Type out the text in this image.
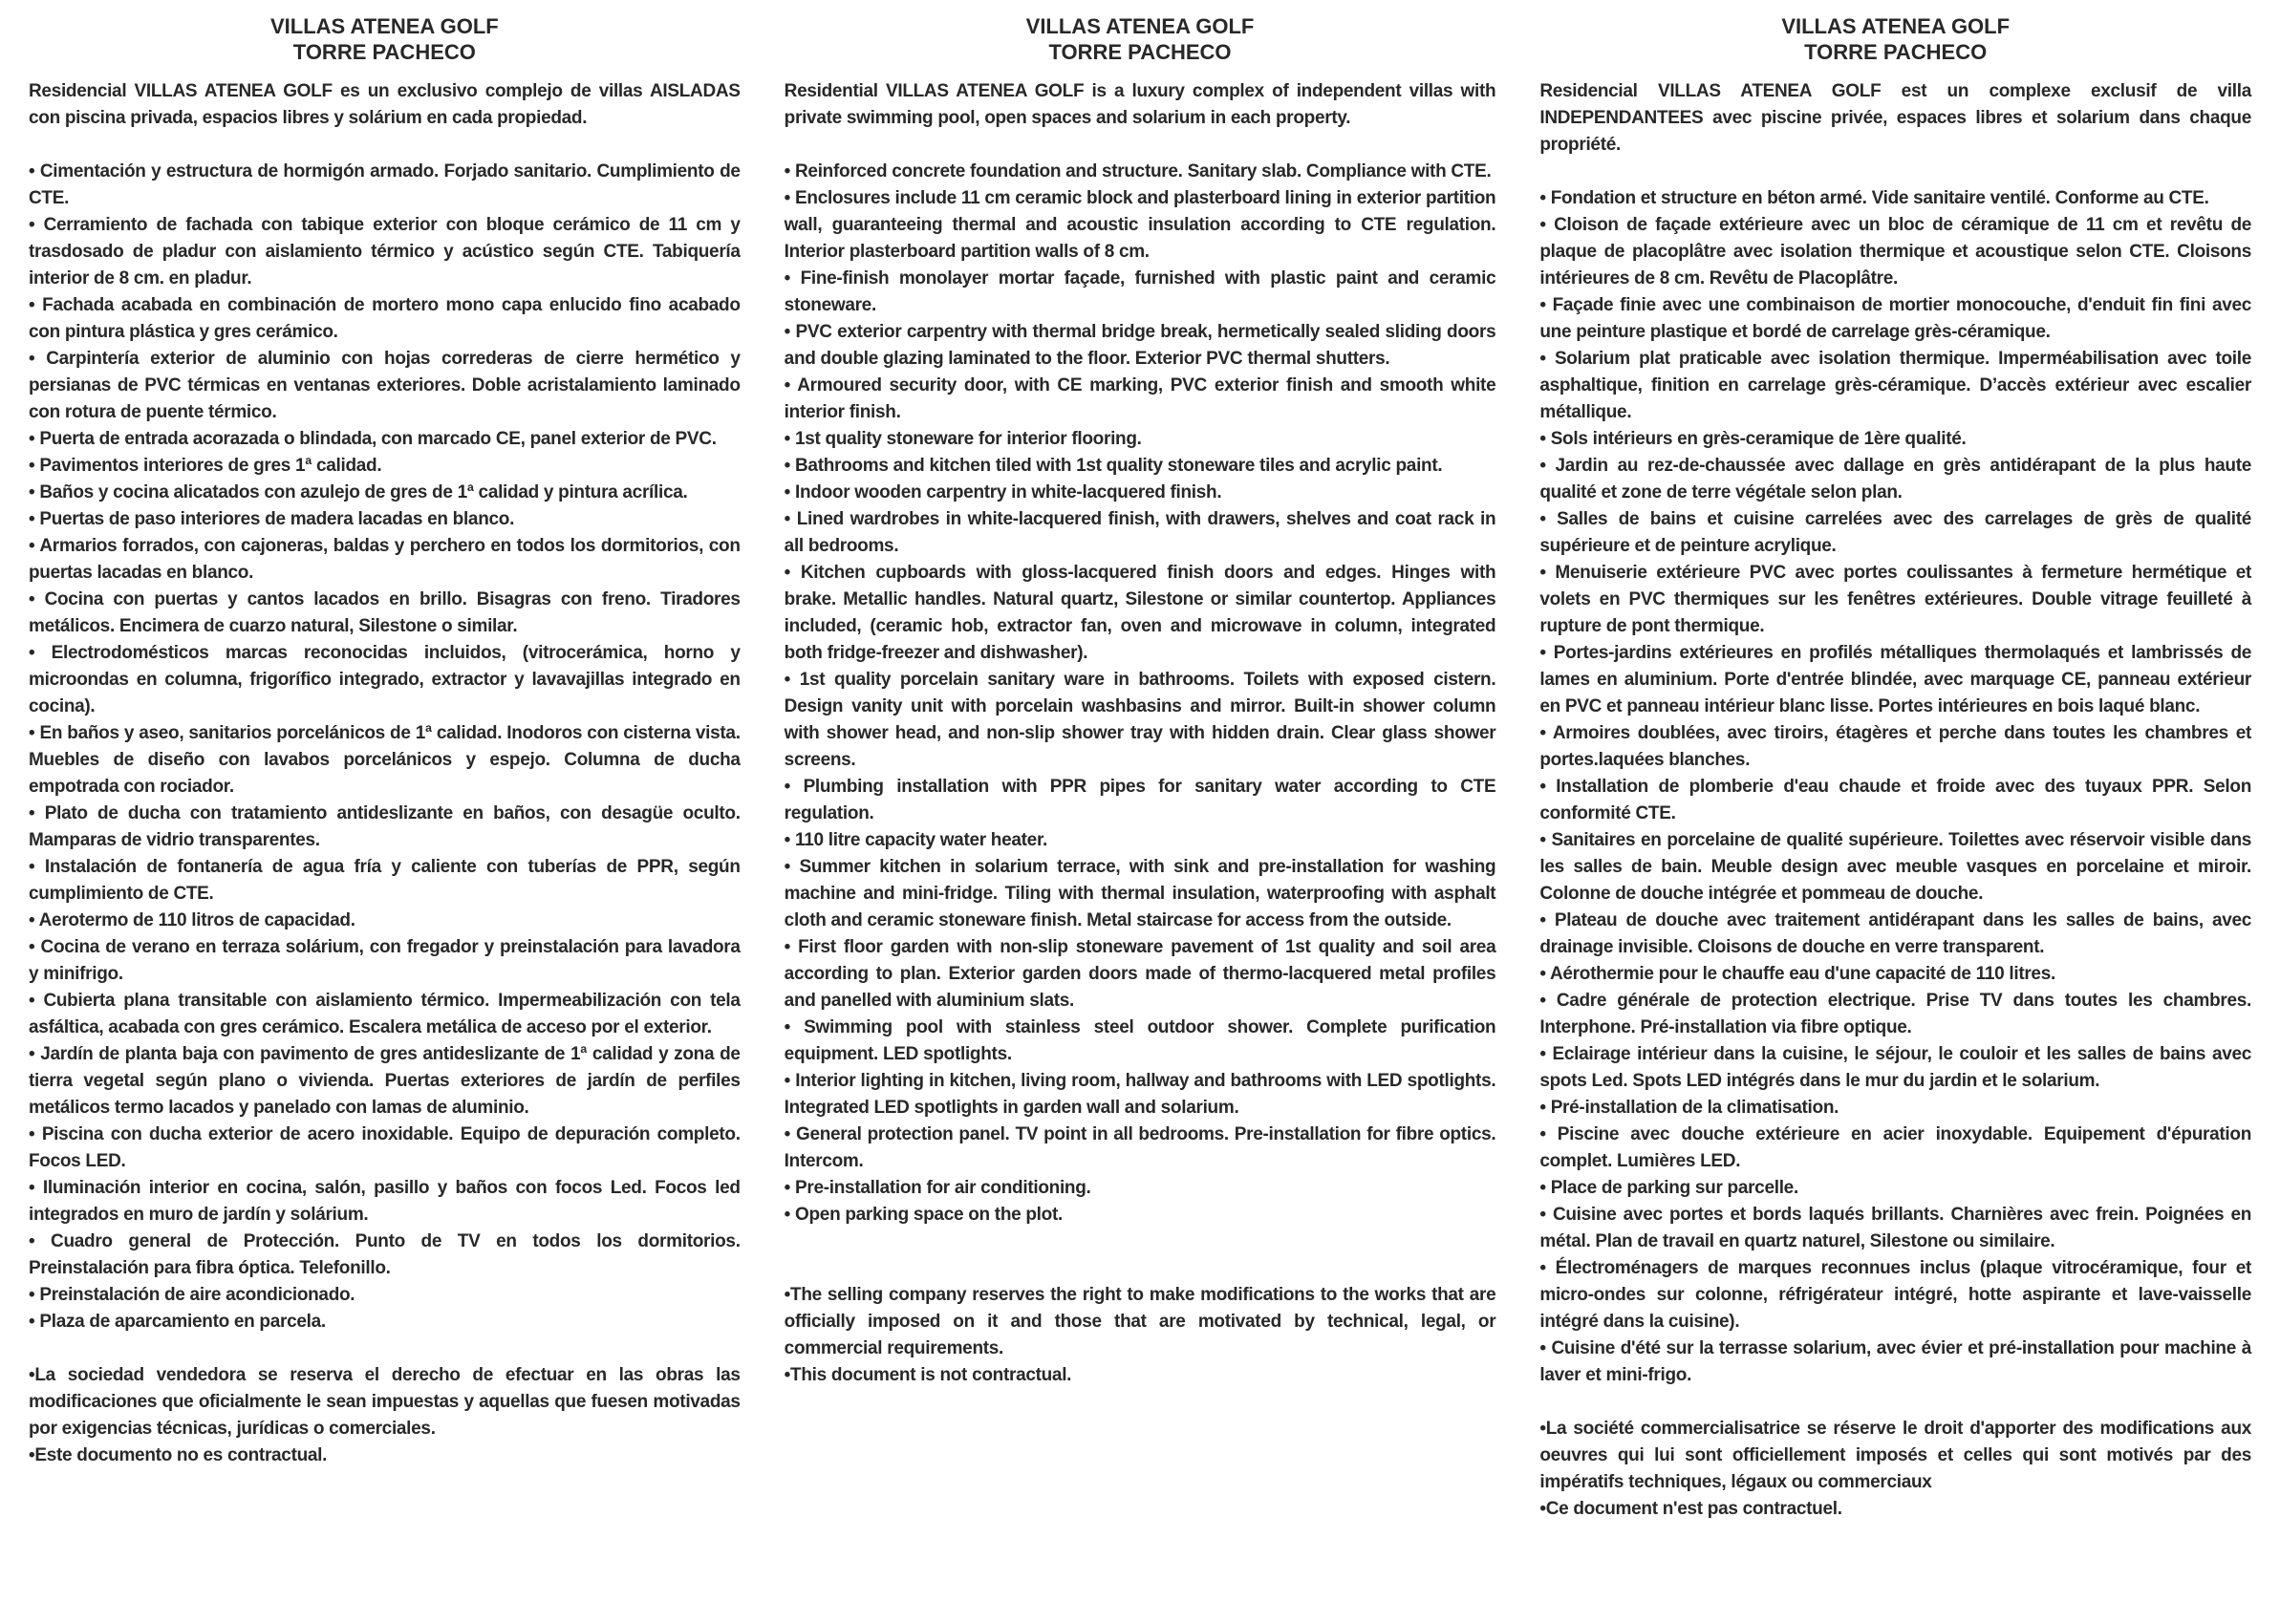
VILLAS ATENEA GOLF
TORRE PACHECO

Residencial VILLAS ATENEA GOLF es un exclusivo complejo de villas AISLADAS con piscina privada, espacios libres y solárium en cada propiedad.

• Cimentación y estructura de hormigón armado. Forjado sanitario. Cumplimiento de CTE.

• Cerramiento de fachada con tabique exterior con bloque cerámico de 11 cm y trasdosado de pladur con aislamiento térmico y acústico según CTE. Tabiquería interior de 8 cm. en pladur.

• Fachada acabada en combinación de mortero mono capa enlucido fino acabado con pintura plástica y gres cerámico.

• Carpintería exterior de aluminio con hojas correderas de cierre hermético y persianas de PVC térmicas en ventanas exteriores. Doble acristalamiento laminado con rotura de puente térmico.

• Puerta de entrada acorazada o blindada, con marcado CE, panel exterior de PVC.

• Pavimentos interiores de gres 1ª calidad.

• Baños y cocina alicatados con azulejo de gres de 1ª calidad y pintura acrílica.

• Puertas de paso interiores de madera lacadas en blanco.

• Armarios forrados, con cajoneras, baldas y perchero en todos los dormitorios, con puertas lacadas en blanco.

• Cocina con puertas y cantos lacados en brillo. Bisagras con freno. Tiradores metálicos. Encimera de cuarzo natural, Silestone o similar.

• Electrodomésticos marcas reconocidas incluidos, (vitrocerámica, horno y microondas en columna, frigorífico integrado, extractor y lavavajillas integrado en cocina).

• En baños y aseo, sanitarios porcelánicos de 1ª calidad. Inodoros con cisterna vista. Muebles de diseño con lavabos porcelánicos y espejo. Columna de ducha empotrada con rociador.

• Plato de ducha con tratamiento antideslizante en baños, con desagüe oculto. Mamparas de vidrio transparentes.

• Instalación de fontanería de agua fría y caliente con tuberías de PPR, según cumplimiento de CTE.

• Aerotermo de 110 litros de capacidad.

• Cocina de verano en terraza solárium, con fregador y preinstalación para lavadora y minifrigo.

• Cubierta plana transitable con aislamiento térmico. Impermeabilización con tela asfáltica, acabada con gres cerámico. Escalera metálica de acceso por el exterior.

• Jardín de planta baja con pavimento de gres antideslizante de 1ª calidad y zona de tierra vegetal según plano o vivienda. Puertas exteriores de jardín de perfiles metálicos termo lacados y panelado con lamas de aluminio.

• Piscina con ducha exterior de acero inoxidable. Equipo de depuración completo. Focos LED.

• Iluminación interior en cocina, salón, pasillo y baños con focos Led. Focos led integrados en muro de jardín y solárium.

• Cuadro general de Protección. Punto de TV en todos los dormitorios. Preinstalación para fibra óptica. Telefonillo.

• Preinstalación de aire acondicionado.

• Plaza de aparcamiento en parcela.

•La sociedad vendedora se reserva el derecho de efectuar en las obras las modificaciones que oficialmente le sean impuestas y aquellas que fuesen motivadas por exigencias técnicas, jurídicas o comerciales.

•Este documento no es contractual.

VILLAS ATENEA GOLF
TORRE PACHECO

Residential VILLAS ATENEA GOLF is a luxury complex of independent villas with private swimming pool, open spaces and solarium in each property.

• Reinforced concrete foundation and structure. Sanitary slab. Compliance with CTE.

• Enclosures include 11 cm ceramic block and plasterboard lining in exterior partition wall, guaranteeing thermal and acoustic insulation according to CTE regulation. Interior plasterboard partition walls of 8 cm.

• Fine-finish monolayer mortar façade, furnished with plastic paint and ceramic stoneware.

• PVC exterior carpentry with thermal bridge break, hermetically sealed sliding doors and double glazing laminated to the floor. Exterior PVC thermal shutters.

• Armoured security door, with CE marking, PVC exterior finish and smooth white interior finish.

• 1st quality stoneware for interior flooring.

• Bathrooms and kitchen tiled with 1st quality stoneware tiles and acrylic paint.

• Indoor wooden carpentry in white-lacquered finish.

• Lined wardrobes in white-lacquered finish, with drawers, shelves and coat rack in all bedrooms.

• Kitchen cupboards with gloss-lacquered finish doors and edges. Hinges with brake. Metallic handles. Natural quartz, Silestone or similar countertop. Appliances included, (ceramic hob, extractor fan, oven and microwave in column, integrated both fridge-freezer and dishwasher).

• 1st quality porcelain sanitary ware in bathrooms. Toilets with exposed cistern. Design vanity unit with porcelain washbasins and mirror. Built-in shower column with shower head, and non-slip shower tray with hidden drain. Clear glass shower screens.

• Plumbing installation with PPR pipes for sanitary water according to CTE regulation.

• 110 litre capacity water heater.

• Summer kitchen in solarium terrace, with sink and pre-installation for washing machine and mini-fridge. Tiling with thermal insulation, waterproofing with asphalt cloth and ceramic stoneware finish. Metal staircase for access from the outside.

• First floor garden with non-slip stoneware pavement of 1st quality and soil area according to plan. Exterior garden doors made of thermo-lacquered metal profiles and panelled with aluminium slats.

• Swimming pool with stainless steel outdoor shower. Complete purification equipment. LED spotlights.

• Interior lighting in kitchen, living room, hallway and bathrooms with LED spotlights. Integrated LED spotlights in garden wall and solarium.

• General protection panel. TV point in all bedrooms. Pre-installation for fibre optics. Intercom.

• Pre-installation for air conditioning.

• Open parking space on the plot.

•The selling company reserves the right to make modifications to the works that are officially imposed on it and those that are motivated by technical, legal, or commercial requirements.

•This document is not contractual.

VILLAS ATENEA GOLF
TORRE PACHECO

Residencial VILLAS ATENEA GOLF est un complexe exclusif de villa INDEPENDANTEES avec piscine privée, espaces libres et solarium dans chaque propriété.

• Fondation et structure en béton armé. Vide sanitaire ventilé. Conforme au CTE.

• Cloison de façade extérieure avec un bloc de céramique de 11 cm et revêtu de plaque de placoplâtre avec isolation thermique et acoustique selon CTE. Cloisons intérieures de 8 cm. Revêtu de Placoplâtre.

• Façade finie avec une combinaison de mortier monocouche, d'enduit fin fini avec une peinture plastique et bordé de carrelage grès-céramique.

• Solarium plat praticable avec isolation thermique. Imperméabilisation avec toile asphaltique, finition en carrelage grès-céramique. D’accès extérieur avec escalier métallique.

• Sols intérieurs en grès-ceramique de 1ère qualité.

• Jardin au rez-de-chaussée avec dallage en grès antidérapant de la plus haute qualité et zone de terre végétale selon plan.

• Salles de bains et cuisine carrelées avec des carrelages de grès de qualité supérieure et de peinture acrylique.

• Menuiserie extérieure PVC avec portes coulissantes à fermeture hermétique et volets en PVC thermiques sur les fenêtres extérieures. Double vitrage feuilleté à rupture de pont thermique.

• Portes-jardins extérieures en profilés métalliques thermolaqués et lambrissés de lames en aluminium. Porte d'entrée blindée, avec marquage CE, panneau extérieur en PVC et panneau intérieur blanc lisse. Portes intérieures en bois laqué blanc.

• Armoires doublées, avec tiroirs, étagères et perche dans toutes les chambres et portes.laquées blanches.

• Installation de plomberie d'eau chaude et froide avec des tuyaux PPR. Selon conformité CTE.

• Sanitaires en porcelaine de qualité supérieure. Toilettes avec réservoir visible dans les salles de bain. Meuble design avec meuble vasques en porcelaine et miroir. Colonne de douche intégrée et pommeau de douche.

• Plateau de douche avec traitement antidérapant dans les salles de bains, avec drainage invisible. Cloisons de douche en verre transparent.

• Aérothermie pour le chauffe eau d'une capacité de 110 litres.

• Cadre générale de protection electrique. Prise TV dans toutes les chambres. Interphone. Pré-installation via fibre optique.

• Eclairage intérieur dans la cuisine, le séjour, le couloir et les salles de bains avec spots Led. Spots LED intégrés dans le mur du jardin et le solarium.

• Pré-installation de la climatisation.

• Piscine avec douche extérieure en acier inoxydable. Equipement d'épuration complet. Lumières LED.

• Place de parking sur parcelle.

• Cuisine avec portes et bords laqués brillants. Charnières avec frein. Poignées en métal. Plan de travail en quartz naturel, Silestone ou similaire.

• Électroménagers de marques reconnues inclus (plaque vitrocéramique, four et micro-ondes sur colonne, réfrigérateur intégré, hotte aspirante et lave-vaisselle intégré dans la cuisine).

• Cuisine d'été sur la terrasse solarium, avec évier et pré-installation pour machine à laver et mini-frigo.

•La société commercialisatrice se réserve le droit d'apporter des modifications aux oeuvres qui lui sont officiellement imposés et celles qui sont motivés par des impératifs techniques, légaux ou commerciaux

•Ce document n'est pas contractuel.
